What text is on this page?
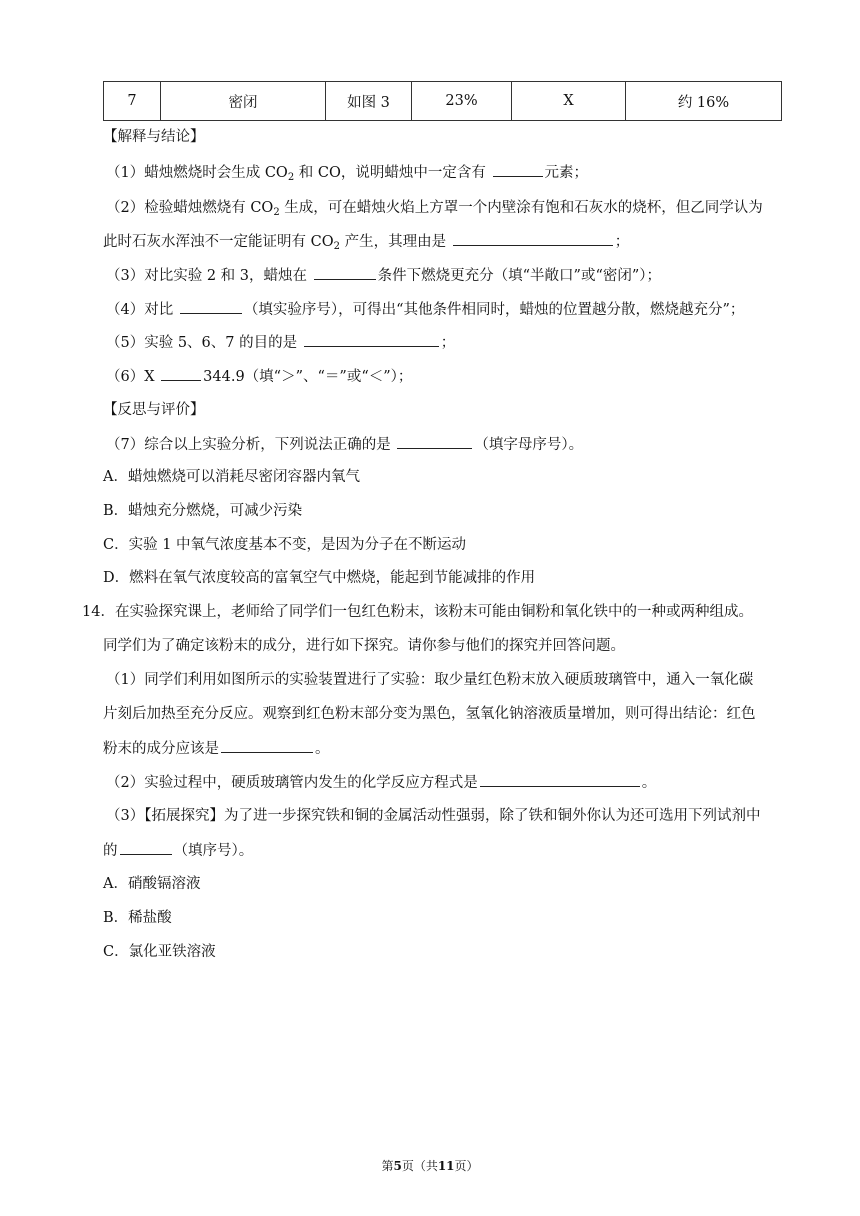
7	密闭	如图 3	23%	X	约 16%
【解释与结论】
（1）蜡烛燃烧时会生成 $CO_2$ 和 CO，说明蜡烛中一定含有	元素；
（2）检验蜡烛燃烧有 $CO_2$ 生成，可在蜡烛火焰上方罩一个内壁涂有饱和石灰水的烧杯，但乙同学认为
此时石灰水浑浊不一定能证明有 $CO_2$ 产生，其理由是	；
（3）对比实验 2 和 3，蜡烛在	条件下燃烧更充分（填“半敞口”或“密闭”）；
（4）对比	（填实验序号），可得出“其他条件相同时，蜡烛的位置越分散，燃烧越充分”；
（5）实验 5、6、7 的目的是	；
（6）X	344.9（填“＞”、“＝”或“＜”）；
【反思与评价】
（7）综合以上实验分析，下列说法正确的是	（填字母序号）。
A．蜡烛燃烧可以消耗尽密闭容器内氧气
B．蜡烛充分燃烧，可减少污染
C．实验 1 中氧气浓度基本不变，是因为分子在不断运动
D．燃料在氧气浓度较高的富氧空气中燃烧，能起到节能减排的作用
14．在实验探究课上，老师给了同学们一包红色粉末，该粉末可能由铜粉和氧化铁中的一种或两种组成。
同学们为了确定该粉末的成分，进行如下探究。请你参与他们的探究并回答问题。
（1）同学们利用如图所示的实验装置进行了实验：取少量红色粉末放入硬质玻璃管中，通入一氧化碳
片刻后加热至充分反应。观察到红色粉末部分变为黑色，氢氧化钠溶液质量增加，则可得出结论：红色
粉末的成分应该是	。
（2）实验过程中，硬质玻璃管内发生的化学反应方程式是	。
（3）【拓展探究】为了进一步探究铁和铜的金属活动性强弱，除了铁和铜外你认为还可选用下列试剂中
的	（填序号）。
A．硝酸镉溶液
B．稀盐酸
C．氯化亚铁溶液
第5页（共11页）
